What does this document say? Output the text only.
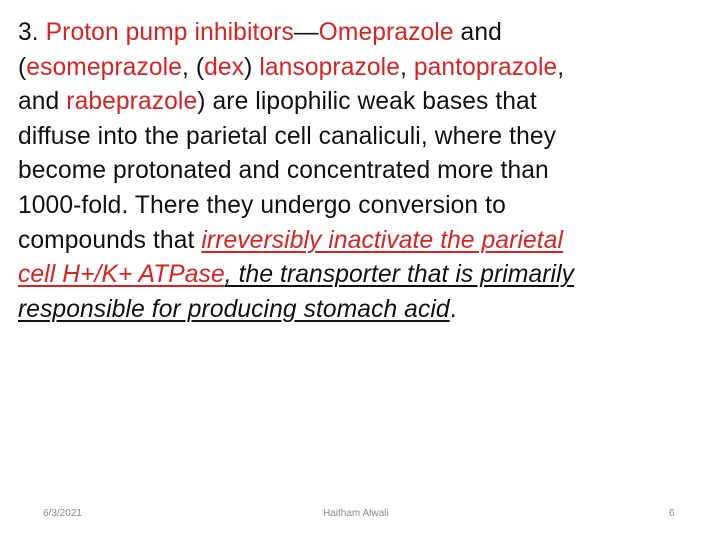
3. Proton pump inhibitors—Omeprazole and
(esomeprazole, (dex) lansoprazole, pantoprazole,
and rabeprazole) are lipophilic weak bases that
diffuse into the parietal cell canaliculi, where they
become protonated and concentrated more than
1000-fold. There they undergo conversion to
compounds that irreversibly inactivate the parietal
cell H+/K+ ATPase, the transporter that is primarily
responsible for producing stomach acid.
6/3/2021	Haitham Alwali	6
